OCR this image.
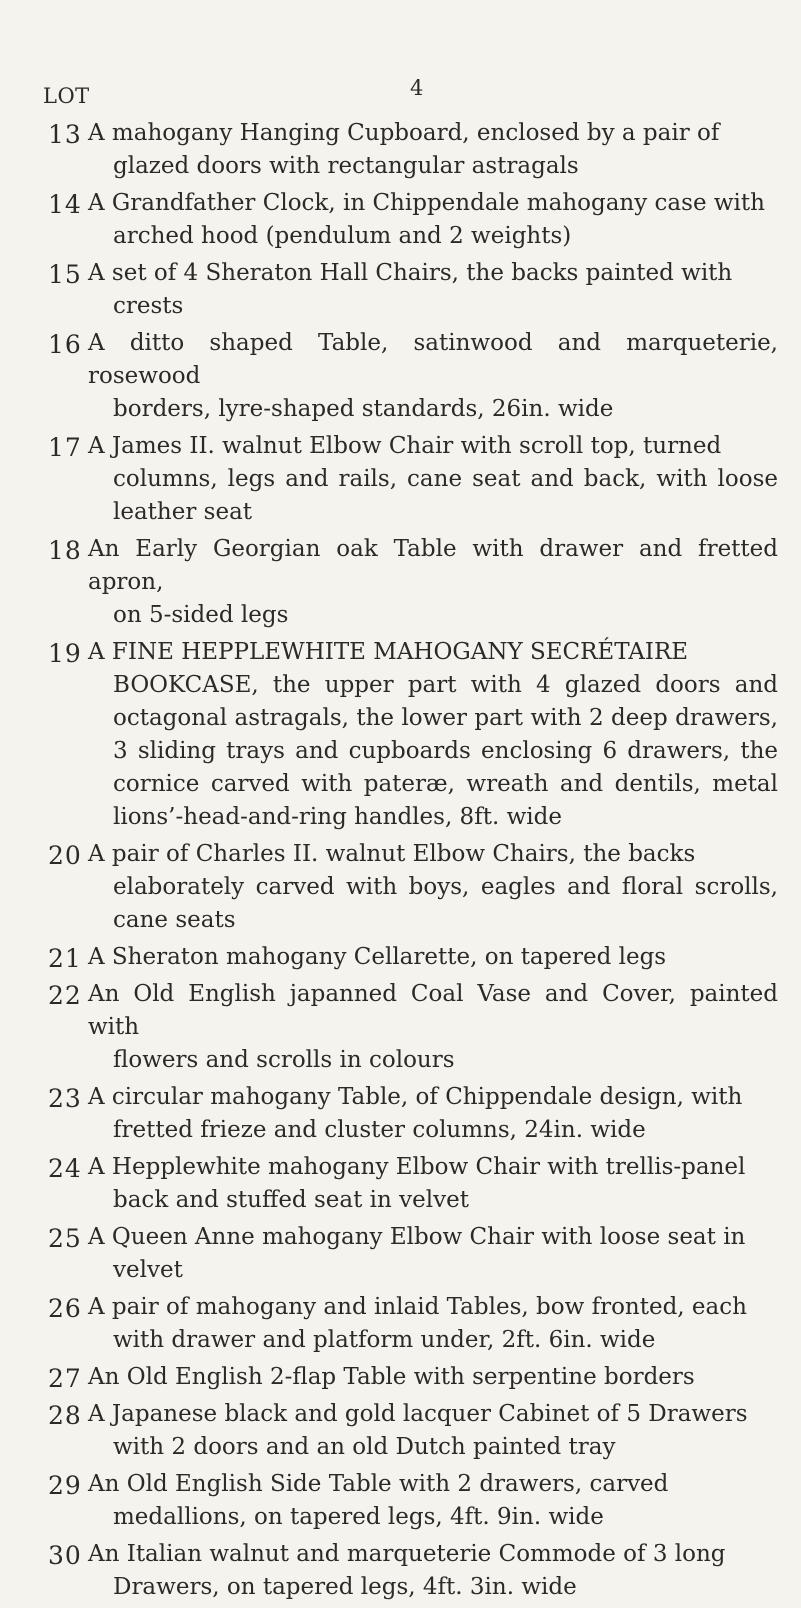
LOT	4
13 A mahogany Hanging Cupboard, enclosed by a pair of
glazed doors with rectangular astragals
14 A Grandfather Clock, in Chippendale mahogany case with
arched hood (pendulum and 2 weights)
15 A set of 4 Sheraton Hall Chairs, the backs painted with
crests
16 A ditto shaped Table, satinwood and marqueterie, rosewood
borders, lyre-shaped standards, 26in. wide
17 A James II. walnut Elbow Chair with scroll top, turned
columns, legs and rails, cane seat and back, with loose leather seat
18 An Early Georgian oak Table with drawer and fretted apron,
on 5-sided legs
19 A FINE HEPPLEWHITE MAHOGANY SECRÉTAIRE
BOOKCASE, the upper part with 4 glazed doors and octagonal astragals, the lower part with 2 deep drawers, 3 sliding trays and cupboards enclosing 6 drawers, the cornice carved with pateræ, wreath and dentils, metal lions’-head-and-ring handles, 8ft. wide
20 A pair of Charles II. walnut Elbow Chairs, the backs
elaborately carved with boys, eagles and floral scrolls, cane seats
21 A Sheraton mahogany Cellarette, on tapered legs
22 An Old English japanned Coal Vase and Cover, painted with
flowers and scrolls in colours
23 A circular mahogany Table, of Chippendale design, with
fretted frieze and cluster columns, 24in. wide
24 A Hepplewhite mahogany Elbow Chair with trellis-panel
back and stuffed seat in velvet
25 A Queen Anne mahogany Elbow Chair with loose seat in
velvet
26 A pair of mahogany and inlaid Tables, bow fronted, each
with drawer and platform under, 2ft. 6in. wide
27 An Old English 2-flap Table with serpentine borders
28 A Japanese black and gold lacquer Cabinet of 5 Drawers
with 2 doors and an old Dutch painted tray
29 An Old English Side Table with 2 drawers, carved
medallions, on tapered legs, 4ft. 9in. wide
30 An Italian walnut and marqueterie Commode of 3 long
Drawers, on tapered legs, 4ft. 3in. wide
